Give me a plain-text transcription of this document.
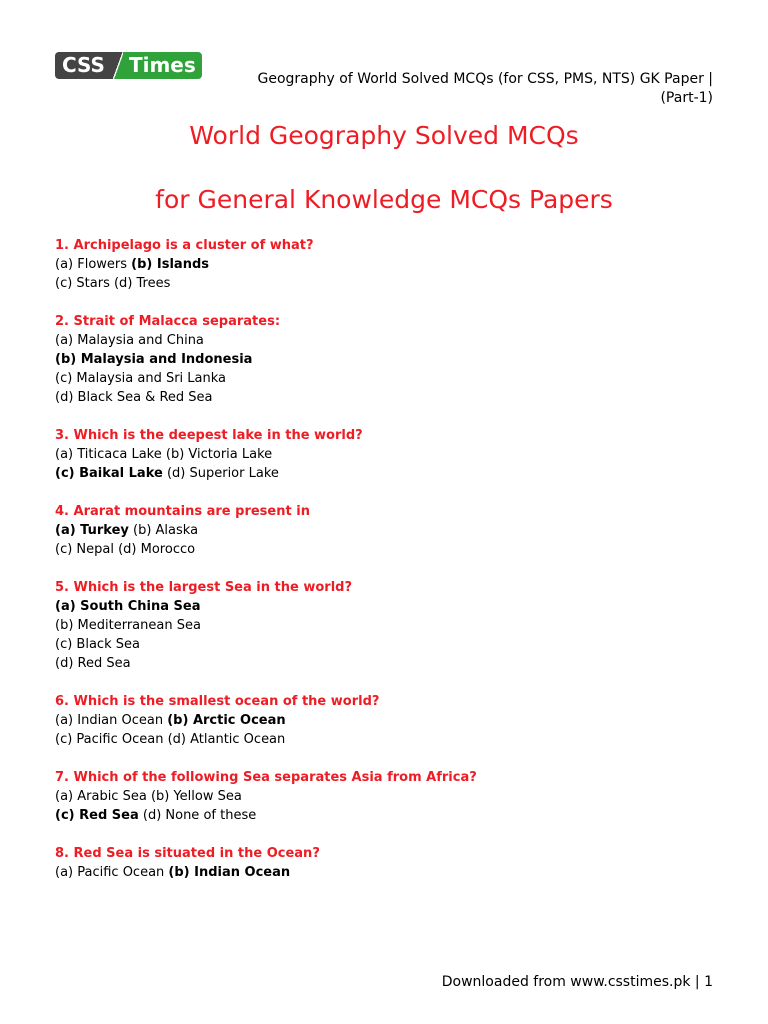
CSS	Times
Geography of World Solved MCQs (for CSS, PMS, NTS) GK Paper |
(Part-1)
World Geography Solved MCQs
for General Knowledge MCQs Papers
1. Archipelago is a cluster of what?
(a) Flowers (b) Islands
(c) Stars (d) Trees
2. Strait of Malacca separates:
(a) Malaysia and China
(b) Malaysia and Indonesia
(c) Malaysia and Sri Lanka
(d) Black Sea & Red Sea
3. Which is the deepest lake in the world?
(a) Titicaca Lake (b) Victoria Lake
(c) Baikal Lake (d) Superior Lake
4. Ararat mountains are present in
(a) Turkey (b) Alaska
(c) Nepal (d) Morocco
5. Which is the largest Sea in the world?
(a) South China Sea
(b) Mediterranean Sea
(c) Black Sea
(d) Red Sea
6. Which is the smallest ocean of the world?
(a) Indian Ocean (b) Arctic Ocean
(c) Pacific Ocean (d) Atlantic Ocean
7. Which of the following Sea separates Asia from Africa?
(a) Arabic Sea (b) Yellow Sea
(c) Red Sea (d) None of these
8. Red Sea is situated in the Ocean?
(a) Pacific Ocean (b) Indian Ocean
Downloaded from www.csstimes.pk | 1
